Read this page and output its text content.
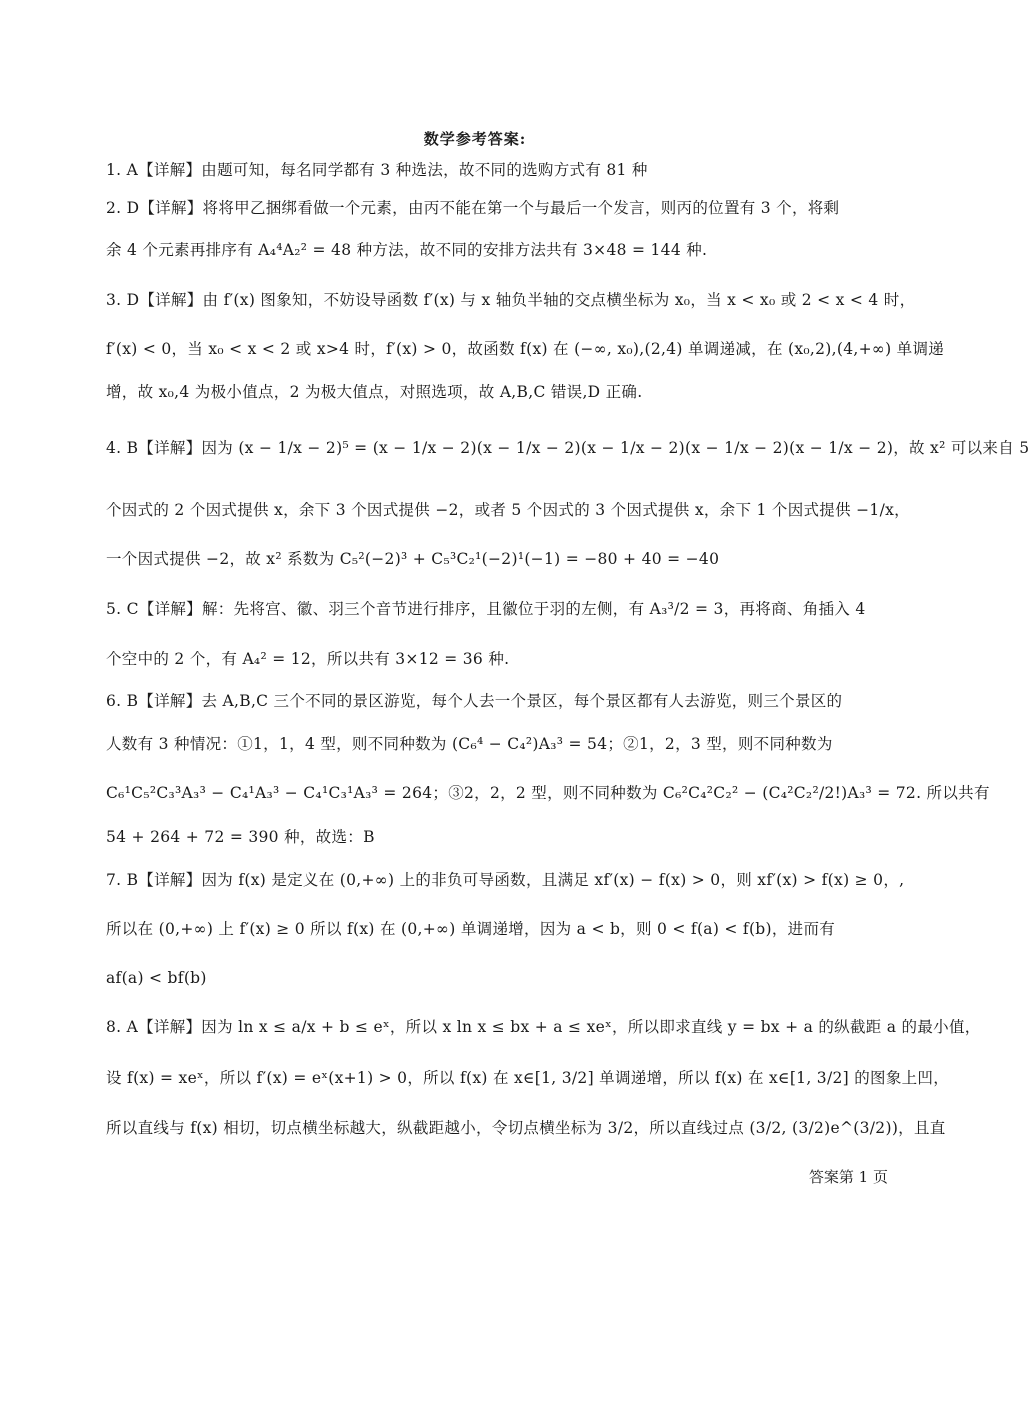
数学参考答案:
1. A【详解】由题可知，每名同学都有 3 种选法，故不同的选购方式有 81 种
2. D【详解】将将甲乙捆绑看做一个元素，由丙不能在第一个与最后一个发言，则丙的位置有 3 个，将剩
余 4 个元素再排序有 A₄⁴A₂² = 48 种方法，故不同的安排方法共有 3×48 = 144 种.
3. D【详解】由 f′(x) 图象知，不妨设导函数 f′(x) 与 x 轴负半轴的交点横坐标为 x₀，当 x < x₀ 或 2 < x < 4 时，
f′(x) < 0，当 x₀ < x < 2 或 x>4 时，f′(x) > 0，故函数 f(x) 在 (−∞, x₀),(2,4) 单调递减，在 (x₀,2),(4,+∞) 单调递
增，故 x₀,4 为极小值点，2 为极大值点，对照选项，故 A,B,C 错误,D 正确.
4. B【详解】因为 (x − 1/x − 2)⁵ = (x − 1/x − 2)(x − 1/x − 2)(x − 1/x − 2)(x − 1/x − 2)(x − 1/x − 2)，故 x² 可以来自 5
个因式的 2 个因式提供 x，余下 3 个因式提供 −2，或者 5 个因式的 3 个因式提供 x，余下 1 个因式提供 −1/x，
一个因式提供 −2，故 x² 系数为 C₅²(−2)³ + C₅³C₂¹(−2)¹(−1) = −80 + 40 = −40
5. C【详解】解：先将宫、徽、羽三个音节进行排序，且徽位于羽的左侧，有 A₃³/2 = 3，再将商、角插入 4
个空中的 2 个，有 A₄² = 12，所以共有 3×12 = 36 种.
6. B【详解】去 A,B,C 三个不同的景区游览，每个人去一个景区，每个景区都有人去游览，则三个景区的
人数有 3 种情况：①1，1，4 型，则不同种数为 (C₆⁴ − C₄²)A₃³ = 54；②1，2，3 型，则不同种数为
C₆¹C₅²C₃³A₃³ − C₄¹A₃³ − C₄¹C₃¹A₃³ = 264；③2，2，2 型，则不同种数为 C₆²C₄²C₂² − (C₄²C₂²/2!)A₃³ = 72. 所以共有
54 + 264 + 72 = 390 种，故选：B
7. B【详解】因为 f(x) 是定义在 (0,+∞) 上的非负可导函数，且满足 xf′(x) − f(x) > 0，则 xf′(x) > f(x) ≥ 0，,
所以在 (0,+∞) 上 f′(x) ≥ 0 所以 f(x) 在 (0,+∞) 单调递增，因为 a < b，则 0 < f(a) < f(b)，进而有
af(a) < bf(b)
8. A【详解】因为 ln x ≤ a/x + b ≤ eˣ，所以 x ln x ≤ bx + a ≤ xeˣ，所以即求直线 y = bx + a 的纵截距 a 的最小值，
设 f(x) = xeˣ，所以 f′(x) = eˣ(x+1) > 0，所以 f(x) 在 x∈[1, 3/2] 单调递增，所以 f(x) 在 x∈[1, 3/2] 的图象上凹，
所以直线与 f(x) 相切，切点横坐标越大，纵截距越小，令切点横坐标为 3/2，所以直线过点 (3/2, (3/2)e^(3/2))，且直
答案第 1 页
